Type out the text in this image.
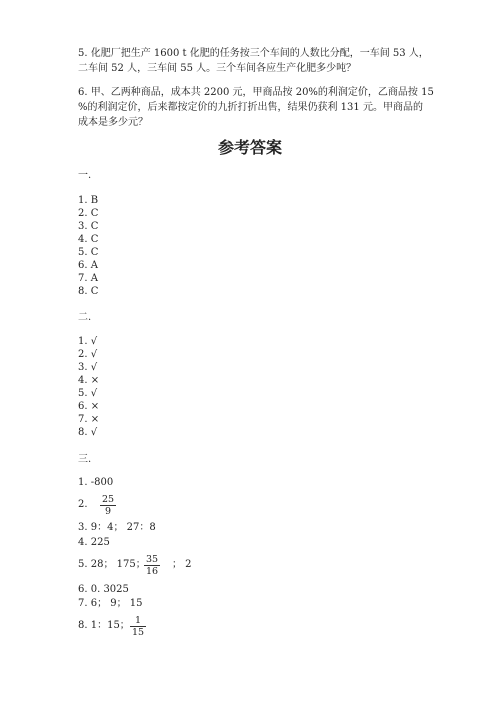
5. 化肥厂把生产 1600 t 化肥的任务按三个车间的人数比分配，一车间 53 人，
二车间 52 人，三车间 55 人。三个车间各应生产化肥多少吨？
6. 甲、乙两种商品，成本共 2200 元，甲商品按 20%的利润定价，乙商品按 15
%的利润定价，后来都按定价的九折打折出售，结果仍获利 131 元。甲商品的
成本是多少元？
参考答案
一.
1. B
2. C
3. C
4. C
5. C
6. A
7. A
8. C
二.
1. √
2. √
3. √
4. ×
5. √
6. ×
7. ×
8. √
三.
1. -800
2. 25
9
3. 9：4； 27：8
4. 225
5. 28； 175； 35
16
； 2
6. 0. 3025
7. 6； 9； 15
8. 1：15； 1
15
